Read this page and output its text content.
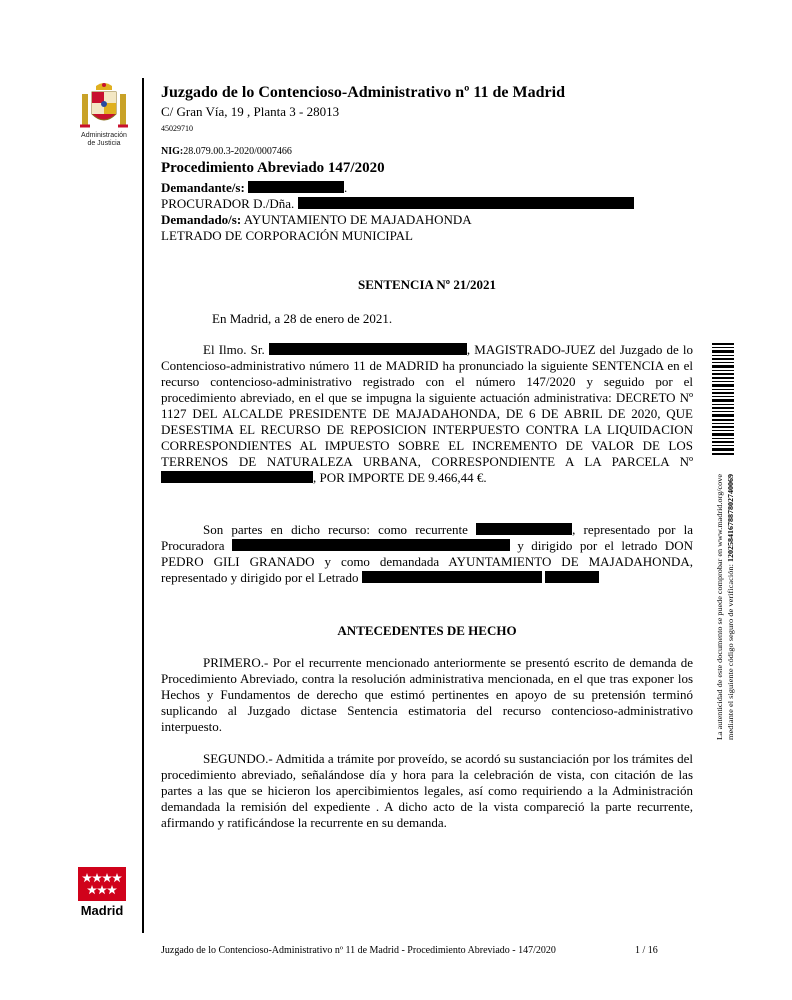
Administración
de Justicia
Madrid
Juzgado de lo Contencioso-Administrativo nº 11 de Madrid
C/ Gran Vía, 19 , Planta 3 - 28013
45029710
NIG:28.079.00.3-2020/0007466
Procedimiento Abreviado 147/2020
Demandante/s:	.
PROCURADOR D./Dña.
Demandado/s: AYUNTAMIENTO DE MAJADAHONDA
LETRADO DE CORPORACIÓN MUNICIPAL
SENTENCIA Nº 21/2021
En Madrid, a 28 de enero de 2021.
El Ilmo. Sr.	, MAGISTRADO-JUEZ del Juzgado de lo Contencioso-administrativo número 11 de MADRID ha pronunciado la siguiente SENTENCIA en el recurso contencioso-administrativo registrado con el número 147/2020 y seguido por el procedimiento abreviado, en el que se impugna la siguiente actuación administrativa: DECRETO Nº 1127 DEL ALCALDE PRESIDENTE DE MAJADAHONDA, DE 6 DE ABRIL DE 2020, QUE DESESTIMA EL RECURSO DE REPOSICION INTERPUESTO CONTRA LA LIQUIDACION CORRESPONDIENTES AL IMPUESTO SOBRE EL INCREMENTO DE VALOR DE LOS TERRENOS DE NATURALEZA URBANA, CORRESPONDIENTE A LA PARCELA Nº , POR IMPORTE DE 9.466,44 €.
Son partes en dicho recurso: como recurrente	, representado por la Procuradora	y dirigido por el letrado DON PEDRO GILI GRANADO y como demandada AYUNTAMIENTO DE MAJADAHONDA, representado y dirigido por el Letrado
ANTECEDENTES DE HECHO
PRIMERO.- Por el recurrente mencionado anteriormente se presentó escrito de demanda de Procedimiento Abreviado, contra la resolución administrativa mencionada, en el que tras exponer los Hechos y Fundamentos de derecho que estimó pertinentes en apoyo de su pretensión terminó suplicando al Juzgado dictase Sentencia estimatoria del recurso contencioso-administrativo interpuesto.
SEGUNDO.- Admitida a trámite por proveído, se acordó su sustanciación por los trámites del procedimiento abreviado, señalándose día y hora para la celebración de vista, con citación de las partes a las que se hicieron los apercibimientos legales, así como requiriendo a la Administración demandada la remisión del expediente . A dicho acto de la vista compareció la parte recurrente, afirmando y ratificándose la recurrente en su demanda.
La autenticidad de este documento se puede comprobar en www.madrid.org/cove mediante el siguiente código seguro de verificación:
1202584167887802740069
Juzgado de lo Contencioso-Administrativo nº 11 de Madrid - Procedimiento Abreviado - 147/2020	1 / 16
